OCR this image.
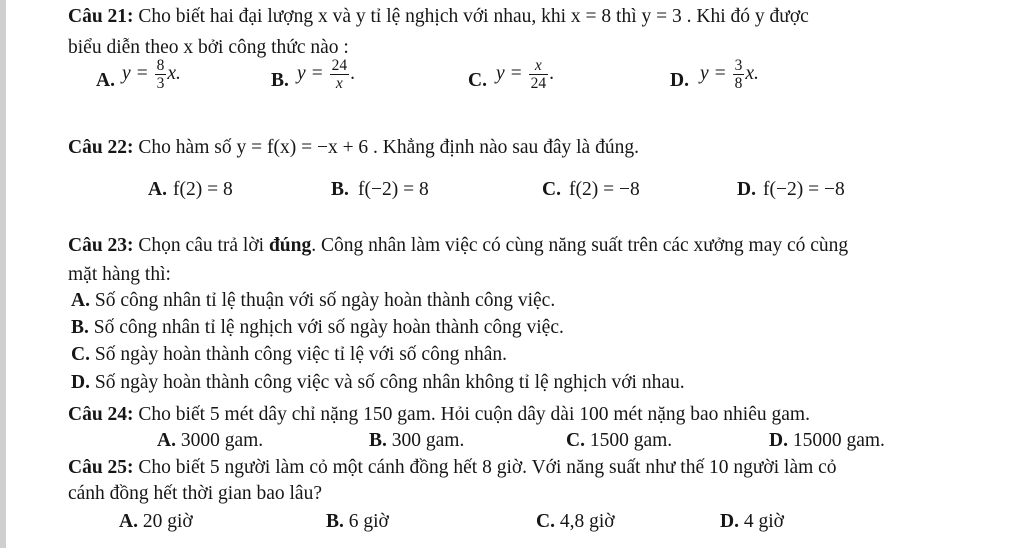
Câu 21: Cho biết hai đại lượng x và y tỉ lệ nghịch với nhau, khi x = 8 thì y = 3 . Khi đó y được
biểu diễn theo x bởi công thức nào :
A. $y = \frac{8}{3} x$.	B. $y = \frac{24}{x}$ .	C. $y = \frac{x}{24}$ .	D. $y = \frac{3}{8} x$.
Câu 22: Cho hàm số y = f(x) = −x + 6 . Khẳng định nào sau đây là đúng.
A. f(2) = 8	B. f(−2) = 8	C. f(2) = −8	D. f(−2) = −8
Câu 23: Chọn câu trả lời đúng. Công nhân làm việc có cùng năng suất trên các xưởng may có cùng
mặt hàng thì:
A. Số công nhân tỉ lệ thuận với số ngày hoàn thành công việc.
B. Số công nhân tỉ lệ nghịch với số ngày hoàn thành công việc.
C. Số ngày hoàn thành công việc tỉ lệ với số công nhân.
D. Số ngày hoàn thành công việc và số công nhân không tỉ lệ nghịch với nhau.
Câu 24: Cho biết 5 mét dây chỉ nặng 150 gam. Hỏi cuộn dây dài 100 mét nặng bao nhiêu gam.
A. 3000 gam.	B. 300 gam.	C. 1500 gam.	D. 15000 gam.
Câu 25: Cho biết 5 người làm cỏ một cánh đồng hết 8 giờ. Với năng suất như thế 10 người làm cỏ
cánh đồng hết thời gian bao lâu?
A. 20 giờ	B. 6 giờ	C. 4,8 giờ	D. 4 giờ
